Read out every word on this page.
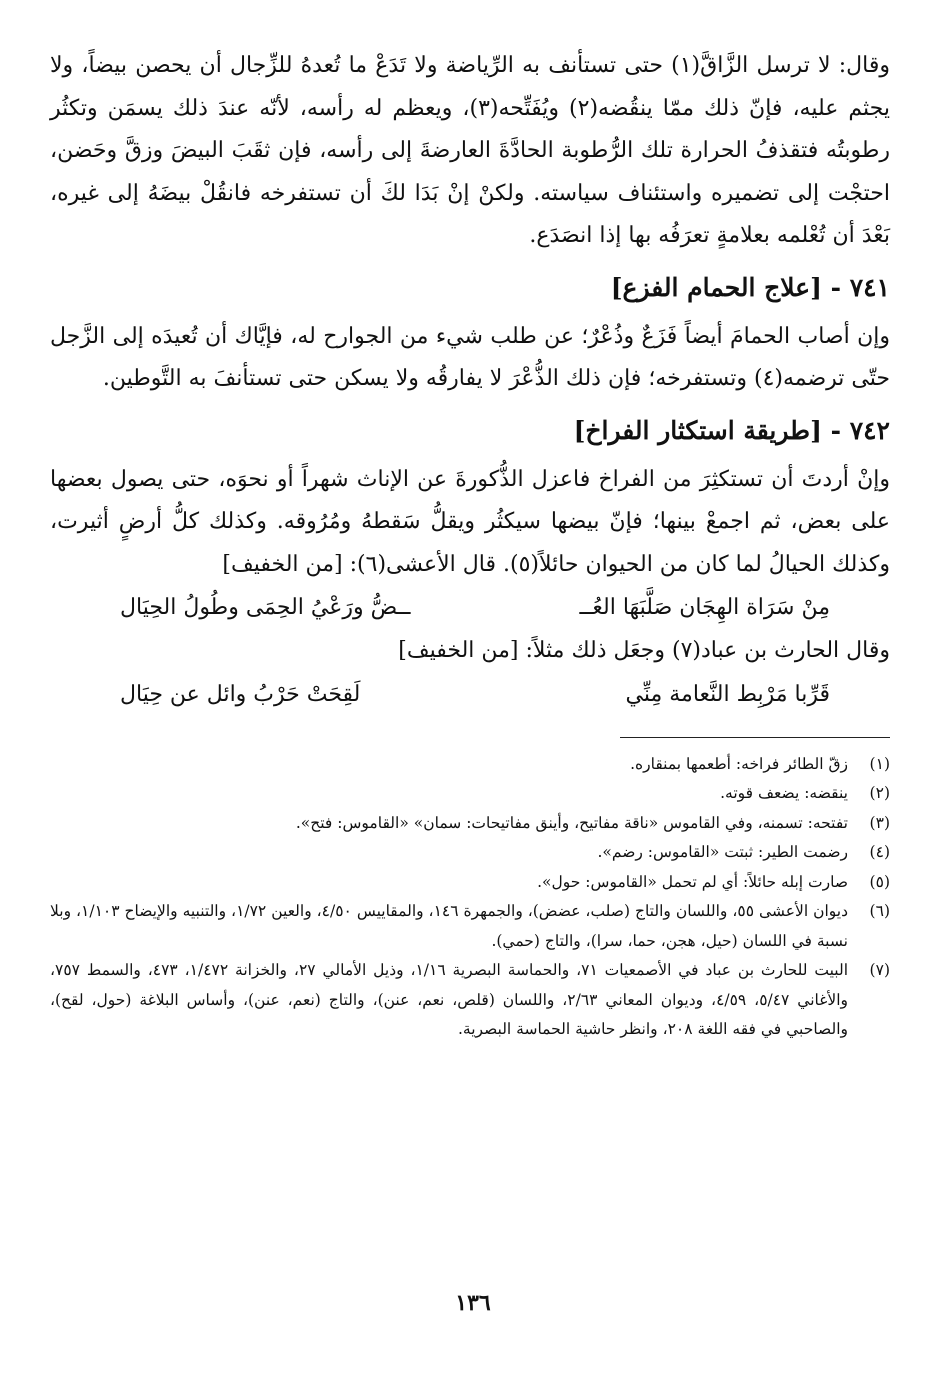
وقال: لا ترسل الزَّاقَّ(١) حتى تستأنف به الرِّياضة ولا تَدَعْ ما تُعدهُ للزِّجال أن يحصن بيضاً، ولا يجثم عليه، فإنّ ذلك ممّا ينقُضه(٢) ويُفَتِّحه(٣)، ويعظم له رأسه، لأنّه عندَ ذلك يسمَن وتكثُر رطوبتُه فتقذفُ الحرارة تلك الرُّطوبة الحادَّةَ العارضةَ إلى رأسه، فإن ثقَبَ البيضَ وزقَّ وحَضن، احتجْت إلى تضميره واستئناف سياسته. ولكنْ إنْ بَدَا لكَ أن تستفرخه فانقُلْ بيضَهُ إلى غيره، بَعْدَ أن تُعْلمه بعلامةٍ تعرَفُه بها إذا انصَدَع.

٧٤١ - [علاج الحمام الفزع]

وإن أصاب الحمامَ أيضاً فَزَعٌ وذُعْرٌ؛ عن طلب شيء من الجوارح له، فإيَّاك أن تُعيدَه إلى الزَّجل حتّى ترضمه(٤) وتستفرخه؛ فإن ذلك الذُّعْرَ لا يفارقُه ولا يسكن حتى تستأنفَ به التَّوطين.

٧٤٢ - [طريقة استكثار الفراخ]

وإنْ أردتَ أن تستكثِرَ من الفراخ فاعزل الذُّكورةَ عن الإناث شهراً أو نحوَه، حتى يصول بعضها على بعض، ثم اجمعْ بينها؛ فإنّ بيضها سيكثُر ويقلُّ سَقطهُ ومُرُوقه. وكذلك كلُّ أرضٍ أثيرت، وكذلك الحيالُ لما كان من الحيوان حائلاً(٥). قال الأعشى(٦): [من الخفيف]

مِنْ سَرَاة الهِجَان صَلَّبَهَا العُــ
ــضُّ ورَعْيُ الحِمَى وطُولُ الحِيَال

وقال الحارث بن عباد(٧) وجعَل ذلك مثلاً: [من الخفيف]

قَرِّبا مَرْبِط النَّعامة مِنِّي
لَقِحَتْ حَرْبُ وائل عن حِيَال
(١)
زقّ الطائر فراخه: أطعمها بمنقاره.
(٢)
ينقضه: يضعف قوته.
(٣)
تفتحه: تسمنه، وفي القاموس «ناقة مفاتيح، وأينق مفاتيحات: سمان» «القاموس: فتح».
(٤)
رضمت الطير: ثبتت «القاموس: رضم».
(٥)
صارت إبله حائلاً: أي لم تحمل «القاموس: حول».
(٦)
ديوان الأعشى ٥٥، واللسان والتاج (صلب، عضض)، والجمهرة ١٤٦، والمقاييس ٤/٥٠، والعين ١/٧٢، والتنبيه والإيضاح ١/١٠٣، وبلا نسبة في اللسان (حيل، هجن، حما، سرا)، والتاج (حمي).
(٧)
البيت للحارث بن عباد في الأصمعيات ٧١، والحماسة البصرية ١/١٦، وذيل الأمالي ٢٧، والخزانة ١/٤٧٢، ٤٧٣، والسمط ٧٥٧، والأغاني ٥/٤٧، ٤/٥٩، وديوان المعاني ٢/٦٣، واللسان (قلص، نعم، عنن)، والتاج (نعم، عنن)، وأساس البلاغة (حول، لقح)، والصاحبي في فقه اللغة ٢٠٨، وانظر حاشية الحماسة البصرية.
١٣٦
